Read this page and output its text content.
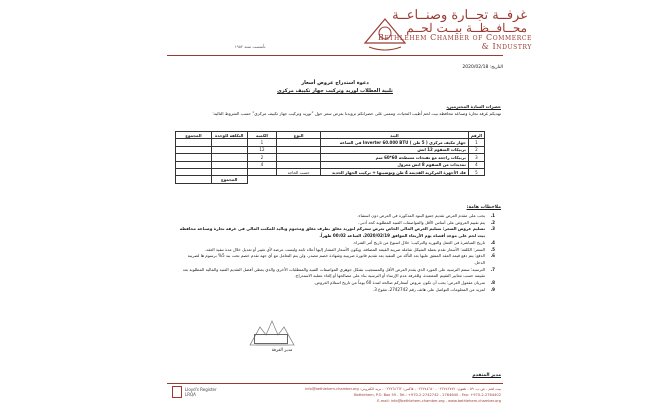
تأسست سنة ١٩٥٢
غرفــة تجــارة وصنــاعــة
محــافــظــة بيــت لحــم
Bethlehem Chamber of Commerce
& Industry
التاريخ: 2020/02/18
دعوة استدراج عروض أسعار
تلبية العطلاب لوريد وتركيب جهاز تكييف مركزي
حضرات السادة المحترمين،
تهديكم غرفة تجارة وصناعة محافظة بيت لحم أطيب التحيات، وتتمنى على حضراتكم تزويدنا بعرض سعر حول "توريد وتركيب جهاز تكييف مركزي" حسب الشروط التالية:
الرقم	البند	النوع	الكمية	التكلفة للوحدة	المجموع
1	جهاز مكيف مركزي ( 5 طن ) Inverter 60.000 BTU في الساعة		1		
2	بربيكات السقوم 12 انش		12		
3	بربيكات راجعة مع تفتحات مسطحة 60*60 سم		2		
4	تمديدات من السقوم 8 انش معزول		4		
5	فك الأجهزة المركزية القديمة 4 طن وتوضيبها + تركيب الجهاز الجديد	حسب الحاجة			
				المجموع	
ملاحظات هامة:
1.
يجب على مقدم العرض تقديم جميع البنود المذكورة في العرض دون استثناء.
2.
يتم تقييم العروض على أساس الأقل والمواصفات الفنية المطلوبة كحد أدنى.
3.
تسليم عروض السعر: تسليم العرض المالي الخاص بعرض سعركم لتوريد مغلق بطرف مغلق ومختوم وباليد للمكتب المالي في غرفة تجارة وصناعة محافظة بيت لحم على موعد أقصاه يوم الأربعاء الموافق 2020/02/19، الساعة 00:02 ظهراً.
4.
تاريخ المباشرة في العمل والتوريد والتركيب: خلال اسبوع من تاريخ أمر الشراء.
5.
السعر: الكلفة: الأسعار تقدم بعملة الشيكل شاملة ضريبة القيمة المضافة، ويكون الأسعار المشار إليها أعلاه ثابتة وليست عرضة لأي تغيير أو تعديل خلال مدة تنفيذ العقد.
6.
الدفع: يتم دفع قيمة العقد المتفق عليها بعد التأكد من التنفيذ بعد تقديم فاتورة ضريبية وشهادة خصم مصدر، ولن يتم التعامل مع أي جهة تقدم خصم تحت بند 5% برسوم ها لضريبة الدخل.
7.
الترسية: ستتم الترسية على المورد الذي يقدم العرض الأقل والمستجيب بشكل جوهري المواصفات الفنية والمتطلبات الأخرى والذي يعطي أفضل التقديم الفنية والمالية المطلوبة بعد تقييمه حسب معايير التقييم المعتمدة، وللغرفة عدم الإرساء أو الترسية بناء على مصالحها أو إلغاء عملية الاستدراج.
8.
سريان مفعول العرض: يجب أن تكون عروض أسعاركم صالحة لمدة 60 يوماً من تاريخ استلام العروض.
9.
لمزيد من المعلومات التواصل على هاتف رقم 2742742، مقوع 3.
مدير الغرفة
مدير المتقدم
Lloyd's Register
LRQA
بيت لحم - ص.ب. ٥٩ - تلفون: ٠٢٢٧٤٢٧٤٢ - ٠٢٢٧٤٤٦٤٠ - فاكس: ٠٢٢٧٦٤٦٦٢ - بريد الكتروني: info@bethlehem-chamber.org
Bethlehem, P.O. Box 59 - Tel.: +970-2-2742742 - 2764640 - Fax: +970-2-2764402
E-mail: info@bethlehem-chamber.org - www.bethlehem-chamber.org
